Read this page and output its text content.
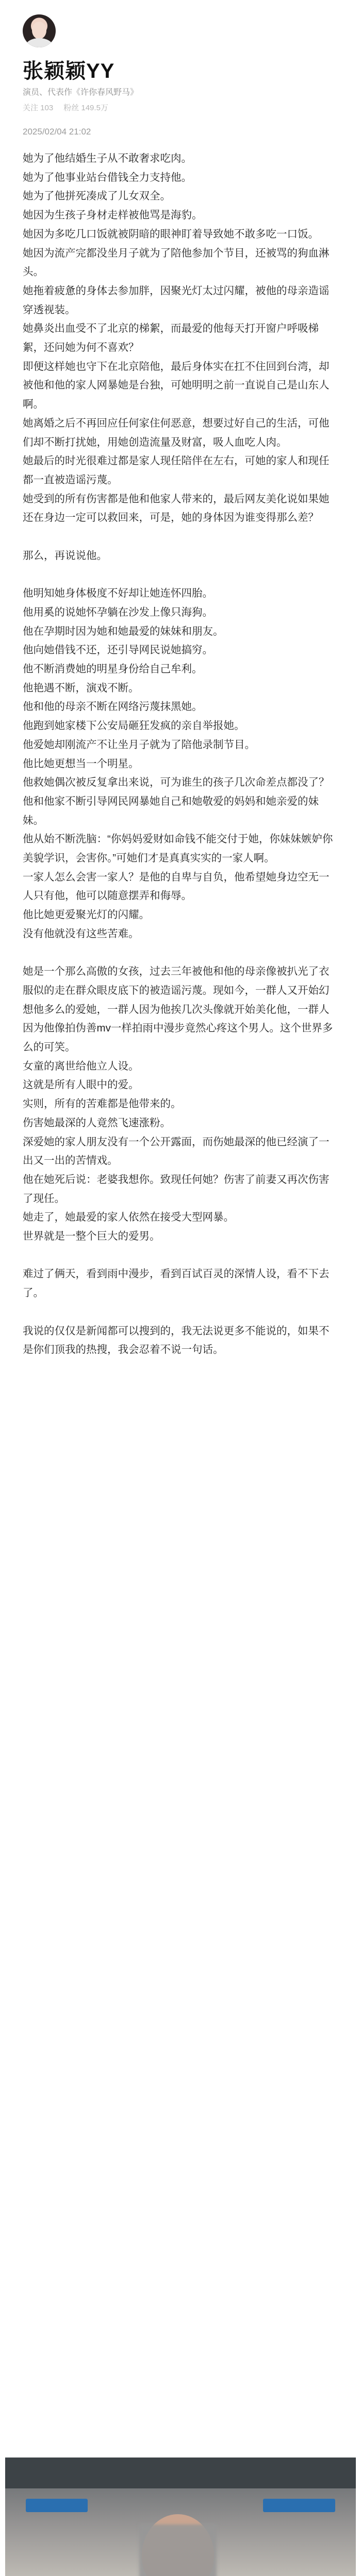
张颖颖YY
演员、代表作《许你春风野马》
关注 103 粉丝 149.5万
2025/02/04 21:02

她为了他结婚生子从不敢奢求吃肉。

她为了他事业站台借钱全力支持他。

她为了他拼死凑成了儿女双全。

她因为生孩子身材走样被他骂是海豹。

她因为多吃几口饭就被阴暗的眼神盯着导致她不敢多吃一口饭。

她因为流产完都没坐月子就为了陪他参加个节目，还被骂的狗血淋头。

她拖着疲惫的身体去参加胖，因聚光灯太过闪耀，被他的母亲造谣穿透视装。

她鼻炎出血受不了北京的梯絮，而最爱的他每天打开窗户呼吸梯絮，还问她为何不喜欢？

即便这样她也守下在北京陪他，最后身体实在扛不住回到台湾，却被他和他的家人网暴她是台独，可她明明之前一直说自己是山东人啊。

她离婚之后不再回应任何家住何恶意，想要过好自己的生活，可他们却不断打扰她，用她创造流量及财富，吸人血吃人肉。

她最后的时光很难过都是家人现任陪伴在左右，可她的家人和现任都一直被造谣污蔑。

她受到的所有伤害都是他和他家人带来的，最后网友美化说如果她还在身边一定可以救回来，可是，她的身体因为谁变得那么差？

那么，再说说他。

他明知她身体极度不好却让她连怀四胎。

他用奚的说她怀孕躺在沙发上像只海狗。

他在孕期时因为她和她最爱的妹妹和朋友。

他向她借钱不还，还引导网民说她搞穷。

他不断消费她的明星身份给自己牟利。

他艳遇不断，演戏不断。

他和他的母亲不断在网络污蔑抹黑她。

他跑到她家楼下公安局砸狂发疯的亲自举报她。

他爱她却刚流产不让坐月子就为了陪他录制节目。

他比她更想当一个明星。

他救她偶次被反复拿出来说，可为谁生的孩子几次命差点都没了？

他和他家不断引导网民网暴她自己和她敬爱的妈妈和她亲爱的妹妹。

他从始不断洗脑：“你妈妈爱财如命钱不能交付于她，你妹妹嫉妒你美貌学识，会害你。”可她们才是真真实实的一家人啊。

一家人怎么会害一家人？是他的自卑与自负，他希望她身边空无一人只有他，他可以随意摆弄和侮辱。

他比她更爱聚光灯的闪耀。

没有他就没有这些苦难。

她是一个那么高傲的女孩，过去三年被他和他的母亲像被扒光了衣服似的走在群众眼皮底下的被造谣污蔑。现如今，一群人又开始幻想他多么的爱她，一群人因为他挨几次头像就开始美化他，一群人因为他像拍伪善mv一样拍雨中漫步竟然心疼这个男人。这个世界多么的可笑。

女童的离世给他立人设。

这就是所有人眼中的爱。

实则，所有的苦难都是他带来的。

伤害她最深的人竟然飞速涨粉。

深爱她的家人朋友没有一个公开露面，而伤她最深的他已经演了一出又一出的苦情戏。

他在她死后说：老婆我想你。致现任何她？伤害了前妻又再次伤害了现任。

她走了，她最爱的家人依然在接受大型网暴。

世界就是一整个巨大的爱男。

难过了俩天，看到雨中漫步，看到百试百灵的深情人设，看不下去了。

我说的仅仅是新闻都可以搜到的，我无法说更多不能说的，如果不是你们顶我的热搜，我会忍着不说一句话。
